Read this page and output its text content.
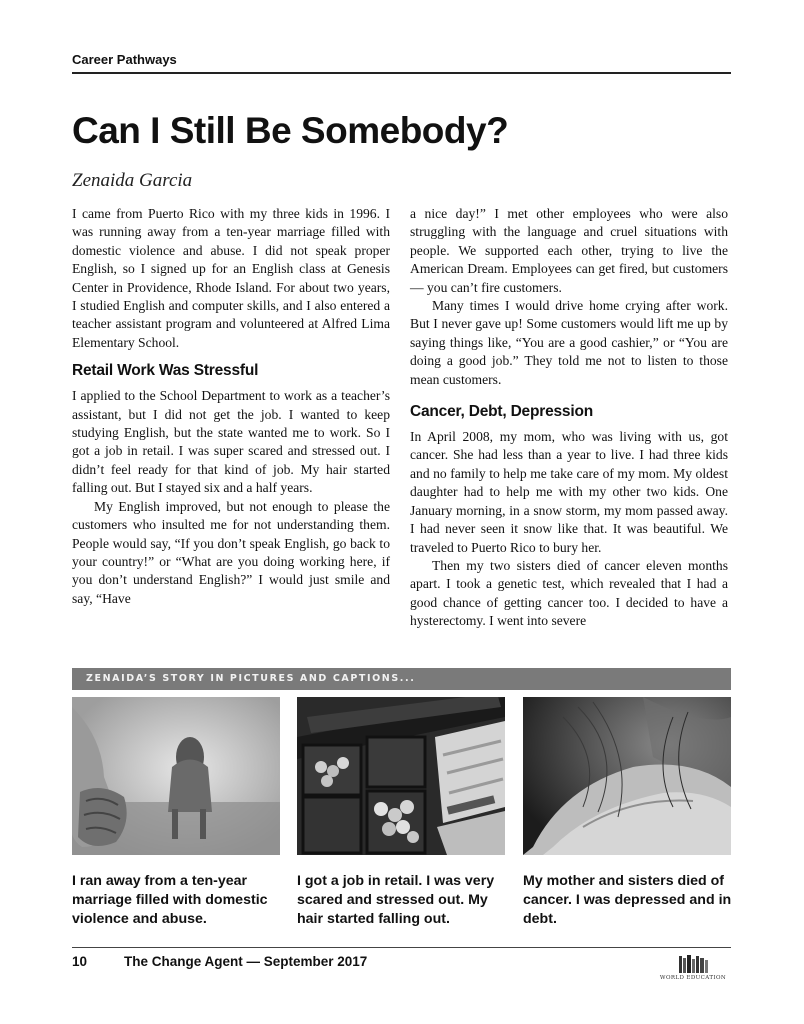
Career Pathways
Can I Still Be Somebody?
Zenaida Garcia

I came from Puerto Rico with my three kids in 1996. I was running away from a ten-year marriage filled with domestic violence and abuse. I did not speak proper English, so I signed up for an English class at Genesis Center in Providence, Rhode Island. For about two years, I studied English and computer skills, and I also entered a teacher assistant program and volunteered at Alfred Lima Elementary School.

Retail Work Was Stressful

I applied to the School Department to work as a teacher’s assistant, but I did not get the job. I wanted to keep studying English, but the state wanted me to work. So I got a job in retail. I was super scared and stressed out. I didn’t feel ready for that kind of job. My hair started falling out. But I stayed six and a half years.

My English improved, but not enough to please the customers who insulted me for not understanding them. People would say, “If you don’t speak English, go back to your country!” or “What are you doing working here, if you don’t understand English?” I would just smile and say, “Have

a nice day!” I met other employees who were also struggling with the language and cruel situations with people. We supported each other, trying to live the American Dream. Employees can get fired, but customers — you can’t fire customers.

Many times I would drive home crying after work. But I never gave up! Some customers would lift me up by saying things like, “You are a good cashier,” or “You are doing a good job.” They told me not to listen to those mean customers.

Cancer, Debt, Depression

In April 2008, my mom, who was living with us, got cancer. She had less than a year to live. I had three kids and no family to help me take care of my mom. My oldest daughter had to help me with my other two kids. One January morning, in a snow storm, my mom passed away. I had never seen it snow like that. It was beautiful. We traveled to Puerto Rico to bury her.

Then my two sisters died of cancer eleven months apart. I took a genetic test, which revealed that I had a good chance of getting cancer too. I decided to have a hysterectomy. I went into severe

ZENAIDA’S STORY IN PICTURES AND CAPTIONS...
I ran away from a ten-year marriage filled with domestic violence and abuse.
I got a job in retail. I was very scared and stressed out. My hair started falling out.
My mother and sisters died of cancer. I was depressed and in debt.
10	The Change Agent — September 2017
WORLD EDUCATION
